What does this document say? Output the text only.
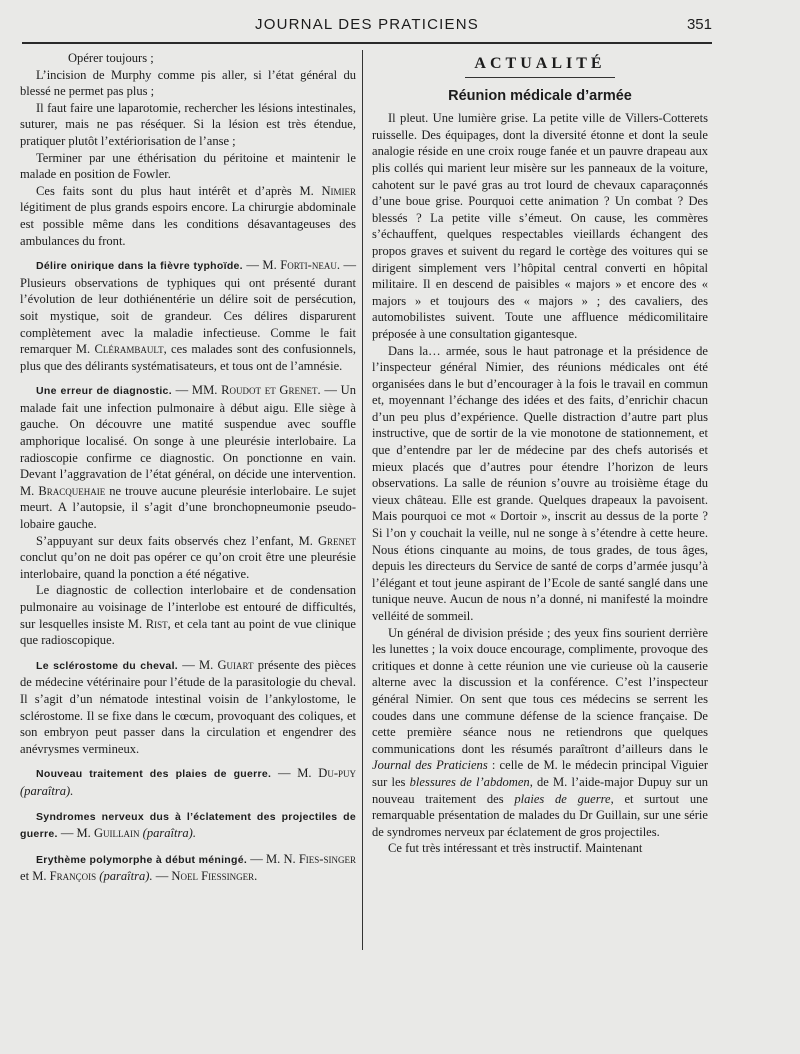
JOURNAL DES PRATICIENS	351

Opérer toujours ;

L’incision de Murphy comme pis aller, si l’état général du blessé ne permet pas plus ;

Il faut faire une laparotomie, rechercher les lésions intestinales, suturer, mais ne pas réséquer. Si la lésion est très étendue, pratiquer plutôt l’extériorisation de l’anse ;

Terminer par une éthérisation du péritoine et maintenir le malade en position de Fowler.

Ces faits sont du plus haut intérêt et d’après M. Nimier légitiment de plus grands espoirs encore. La chirurgie abdominale est possible même dans les conditions désavantageuses des ambulances du front.

Délire onirique dans la fièvre typhoïde. — M. Forti-neau. — Plusieurs observations de typhiques qui ont présenté durant l’évolution de leur dothiénentérie un délire soit de persécution, soit mystique, soit de grandeur. Ces délires disparurent complètement avec la maladie infectieuse. Comme le fait remarquer M. Clérambault, ces malades sont des confusionnels, plus que des délirants systématisateurs, et tous ont de l’amnésie.

Une erreur de diagnostic. — MM. Roudot et Grenet. — Un malade fait une infection pulmonaire à début aigu. Elle siège à gauche. On découvre une matité suspendue avec souffle amphorique localisé. On songe à une pleurésie interlobaire. La radioscopie confirme ce diagnostic. On ponctionne en vain. Devant l’aggravation de l’état général, on décide une intervention. M. Bracquehaie ne trouve aucune pleurésie interlobaire. Le sujet meurt. A l’autopsie, il s’agit d’une bronchopneumonie pseudo-lobaire gauche.

S’appuyant sur deux faits observés chez l’enfant, M. Grenet conclut qu’on ne doit pas opérer ce qu’on croit être une pleurésie interlobaire, quand la ponction a été négative.

Le diagnostic de collection interlobaire et de condensation pulmonaire au voisinage de l’interlobe est entouré de difficultés, sur lesquelles insiste M. Rist, et cela tant au point de vue clinique que radioscopique.

Le sclérostome du cheval. — M. Guiart présente des pièces de médecine vétérinaire pour l’étude de la parasitologie du cheval. Il s’agit d’un nématode intestinal voisin de l’ankylostome, le sclérostome. Il se fixe dans le cœcum, provoquant des coliques, et son embryon peut passer dans la circulation et engendrer des anévrysmes vermineux.

Nouveau traitement des plaies de guerre. — M. Du-puy (paraîtra).

Syndromes nerveux dus à l’éclatement des projectiles de guerre. — M. Guillain (paraîtra).

Erythème polymorphe à début méningé. — M. N. Fies-singer et M. François (paraîtra). — Noel Fiessinger.

ACTUALITÉ
Réunion médicale d’armée

Il pleut. Une lumière grise. La petite ville de Villers-Cotterets ruisselle. Des équipages, dont la diversité étonne et dont la seule analogie réside en une croix rouge fanée et un pauvre drapeau aux plis collés qui marient leur misère sur les panneaux de la voiture, cahotent sur le pavé gras au trot lourd de chevaux caparaçonnés d’une boue grise. Pourquoi cette animation ? Un combat ? Des blessés ? La petite ville s’émeut. On cause, les commères s’échauffent, quelques respectables vieillards échangent des propos graves et suivent du regard le cortège des voitures qui se dirigent simplement vers l’hôpital central converti en hôpital militaire. Il en descend de paisibles « majors » et encore des « majors » et toujours des « majors » ; des cavaliers, des automobilistes suivent. Toute une affluence médicomilitaire préposée à une consultation gigantesque.

Dans la… armée, sous le haut patronage et la présidence de l’inspecteur général Nimier, des réunions médicales ont été organisées dans le but d’encourager à la fois le travail en commun et, moyennant l’échange des idées et des faits, d’enrichir chacun d’un peu plus d’expérience. Quelle distraction d’autre part plus instructive, que de sortir de la vie monotone de stationnement, et que d’entendre par ler de médecine par des chefs autorisés et mieux placés que d’autres pour étendre l’horizon de leurs observations. La salle de réunion s’ouvre au troisième étage du vieux château. Elle est grande. Quelques drapeaux la pavoisent. Mais pourquoi ce mot « Dortoir », inscrit au dessus de la porte ? Si l’on y couchait la veille, nul ne songe à s’étendre à cette heure. Nous étions cinquante au moins, de tous grades, de tous âges, depuis les directeurs du Service de santé de corps d’armée jusqu’à l’élégant et tout jeune aspirant de l’Ecole de santé sanglé dans une tunique neuve. Aucun de nous n’a donné, ni manifesté la moindre velléité de sommeil.

Un général de division préside ; des yeux fins sourient derrière les lunettes ; la voix douce encourage, complimente, provoque des critiques et donne à cette réunion une vie curieuse où la causerie alterne avec la discussion et la conférence. C’est l’inspecteur général Nimier. On sent que tous ces médecins se serrent les coudes dans une commune défense de la science française. De cette première séance nous ne retiendrons que quelques communications dont les résumés paraîtront d’ailleurs dans le Journal des Praticiens : celle de M. le médecin principal Viguier sur les blessures de l’abdomen, de M. l’aide-major Dupuy sur un nouveau traitement des plaies de guerre, et surtout une remarquable présentation de malades du Dr Guillain, sur une série de syndromes nerveux par éclatement de gros projectiles.

Ce fut très intéressant et très instructif. Maintenant
